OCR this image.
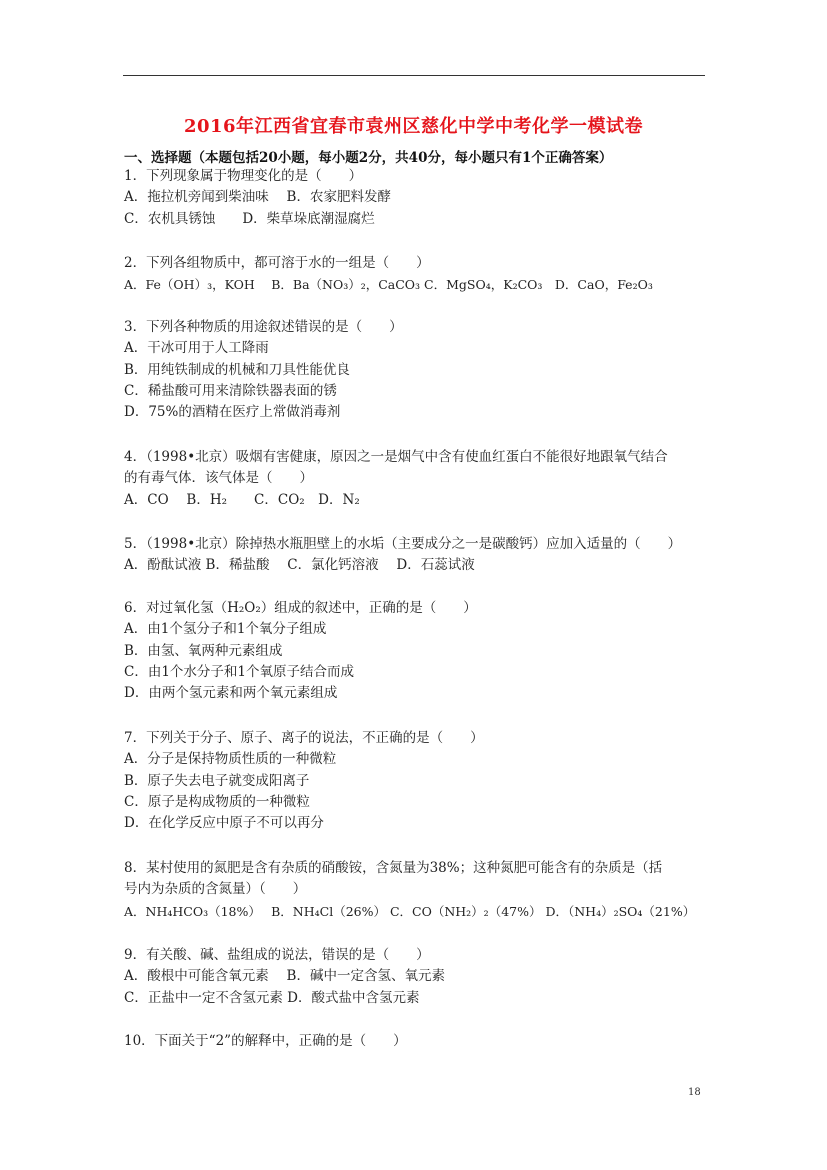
2016年江西省宜春市袁州区慈化中学中考化学一模试卷
一、选择题（本题包括20小题，每小题2分，共40分，每小题只有1个正确答案）
1．下列现象属于物理变化的是（　　）
A．拖拉机旁闻到柴油味　 B．农家肥料发酵
C．农机具锈蚀　　D．柴草垛底潮湿腐烂
2．下列各组物质中，都可溶于水的一组是（　　）
A．Fe（OH）₃，KOH　 B．Ba（NO₃）₂，CaCO₃ C．MgSO₄，K₂CO₃　D．CaO，Fe₂O₃
3．下列各种物质的用途叙述错误的是（　　）
A．干冰可用于人工降雨
B．用纯铁制成的机械和刀具性能优良
C．稀盐酸可用来清除铁器表面的锈
D．75%的酒精在医疗上常做消毒剂
4．（1998•北京）吸烟有害健康，原因之一是烟气中含有使血红蛋白不能很好地跟氧气结合
的有毒气体．该气体是（　　）
A．CO　 B．H₂　　C．CO₂　D．N₂
5．（1998•北京）除掉热水瓶胆壁上的水垢（主要成分之一是碳酸钙）应加入适量的（　　）
A．酚酞试液 B．稀盐酸　 C．氯化钙溶液　 D．石蕊试液
6．对过氧化氢（H₂O₂）组成的叙述中，正确的是（　　）
A．由1个氢分子和1个氧分子组成
B．由氢、氧两种元素组成
C．由1个水分子和1个氧原子结合而成
D．由两个氢元素和两个氧元素组成
7．下列关于分子、原子、离子的说法，不正确的是（　　）
A．分子是保持物质性质的一种微粒
B．原子失去电子就变成阳离子
C．原子是构成物质的一种微粒
D．在化学反应中原子不可以再分
8．某村使用的氮肥是含有杂质的硝酸铵，含氮量为38%；这种氮肥可能含有的杂质是（括
号内为杂质的含氮量）（　　）
A．NH₄HCO₃（18%）　 B．NH₄Cl（26%） C．CO（NH₂）₂（47%） D．（NH₄）₂SO₄（21%）
9．有关酸、碱、盐组成的说法，错误的是（　　）
A．酸根中可能含氧元素　 B．碱中一定含氢、氧元素
C．正盐中一定不含氢元素 D．酸式盐中含氢元素
10．下面关于“2”的解释中，正确的是（　　）
18
